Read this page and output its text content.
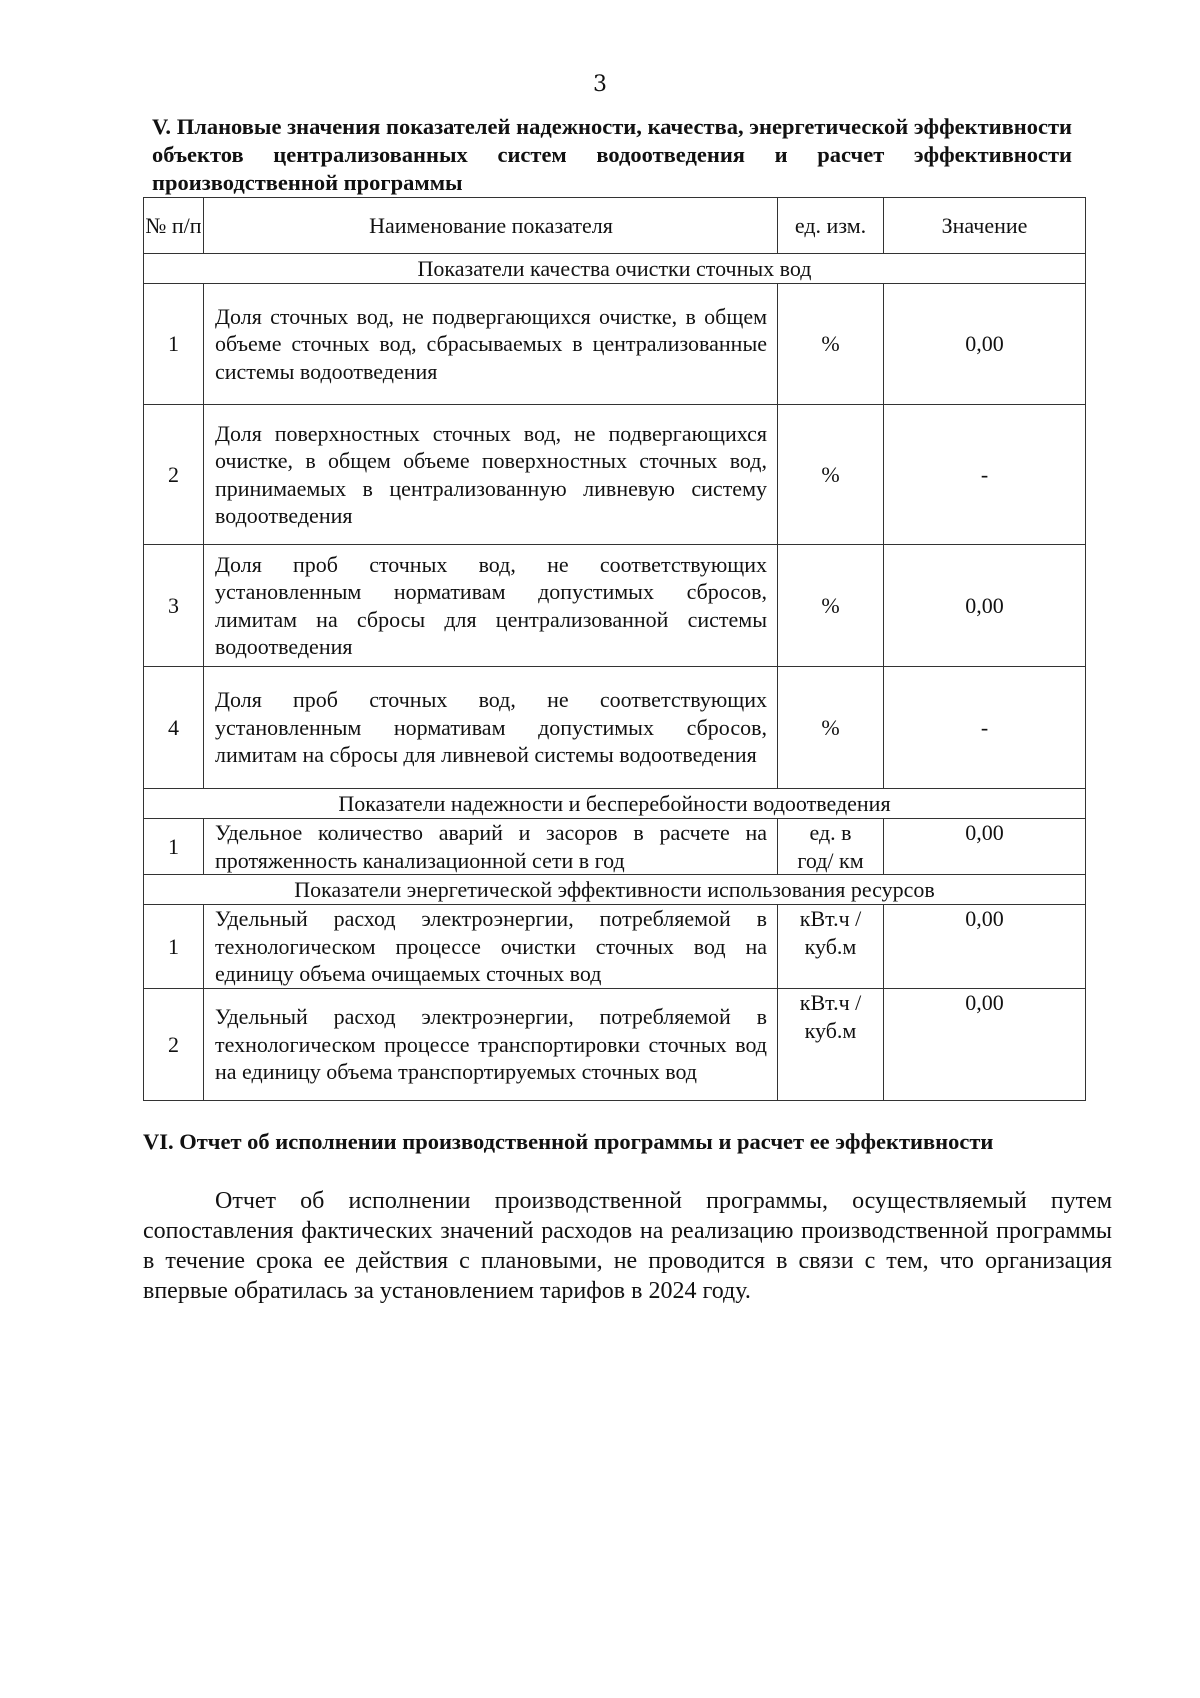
3
V. Плановые значения показателей надежности, качества, энергетической эффективности объектов централизованных систем водоотведения и расчет эффективности производственной программы
№ п/п	Наименование показателя	ед. изм.	Значение
Показатели качества очистки сточных вод			
1	Доля сточных вод, не подвергающихся очистке, в общем объеме сточных вод, сбрасываемых в централизованные системы водоотведения	%	0,00
2	Доля поверхностных сточных вод, не подвергающихся очистке, в общем объеме поверхностных сточных вод, принимаемых в централизованную ливневую систему водоотведения	%	-
3	Доля проб сточных вод, не соответствующих установленным нормативам допустимых сбросов, лимитам на сбросы для централизованной системы водоотведения	%	0,00
4	Доля проб сточных вод, не соответствующих установленным нормативам допустимых сбросов, лимитам на сбросы для ливневой системы водоотведения	%	-
Показатели надежности и бесперебойности водоотведения			
1	Удельное количество аварий и засоров в расчете на протяженность канализационной сети в год	ед. в год/ км	0,00
Показатели энергетической эффективности использования ресурсов			
1	Удельный расход электроэнергии, потребляемой в технологическом процессе очистки сточных вод на единицу объема очищаемых сточных вод	кВт.ч / куб.м	0,00
2	Удельный расход электроэнергии, потребляемой в технологическом процессе транспортировки сточных вод на единицу объема транспортируемых сточных вод	кВт.ч / куб.м	0,00
VI. Отчет об исполнении производственной программы и расчет ее эффективности

Отчет об исполнении производственной программы, осуществляемый путем сопоставления фактических значений расходов на реализацию производственной программы в течение срока ее действия с плановыми, не проводится в связи с тем, что организация впервые обратилась за установлением тарифов в 2024 году.
